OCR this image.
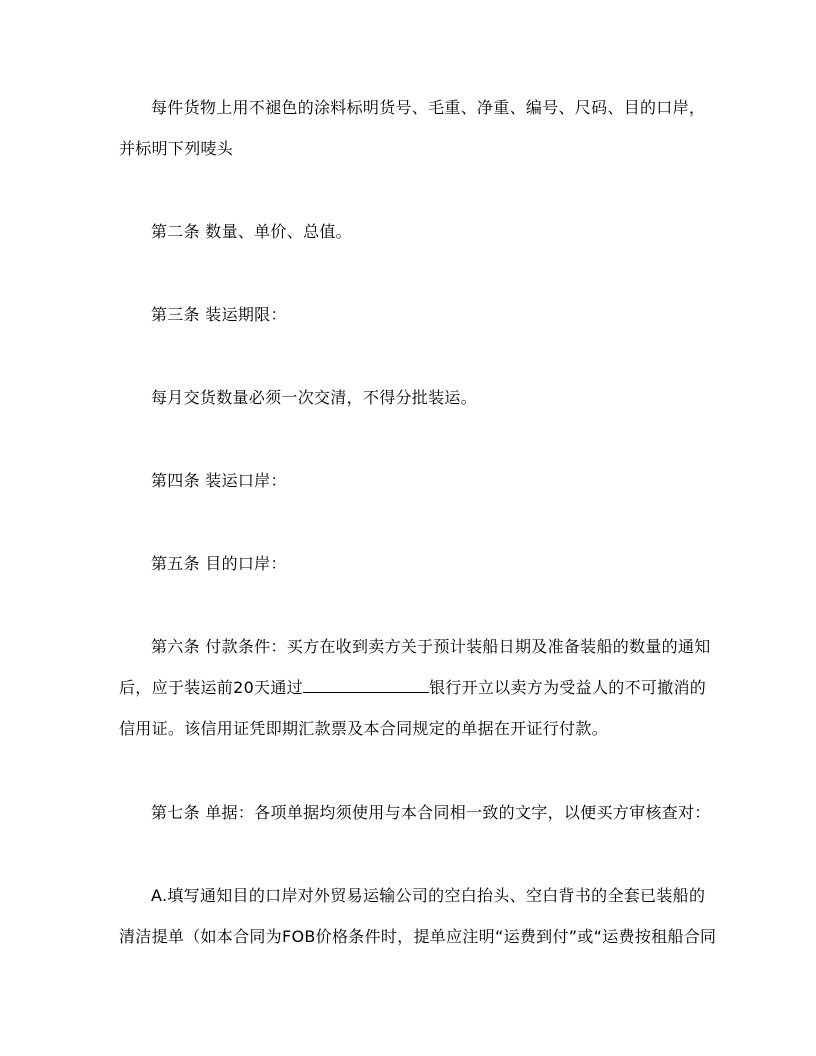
每件货物上用不褪色的涂料标明货号、毛重、净重、编号、尺码、目的口岸，
并标明下列唛头
第二条 数量、单价、总值。
第三条 装运期限：
每月交货数量必须一次交清，不得分批装运。
第四条 装运口岸：
第五条 目的口岸：
第六条 付款条件：买方在收到卖方关于预计装船日期及准备装船的数量的通知
后，应于装运前20天通过	银行开立以卖方为受益人的不可撤消的
信用证。该信用证凭即期汇款票及本合同规定的单据在开证行付款。
第七条 单据：各项单据均须使用与本合同相一致的文字，以便买方审核查对：
A.填写通知目的口岸对外贸易运输公司的空白抬头、空白背书的全套已装船的
清洁提单（如本合同为FOB价格条件时，提单应注明“运费到付”或“运费按租船合同
